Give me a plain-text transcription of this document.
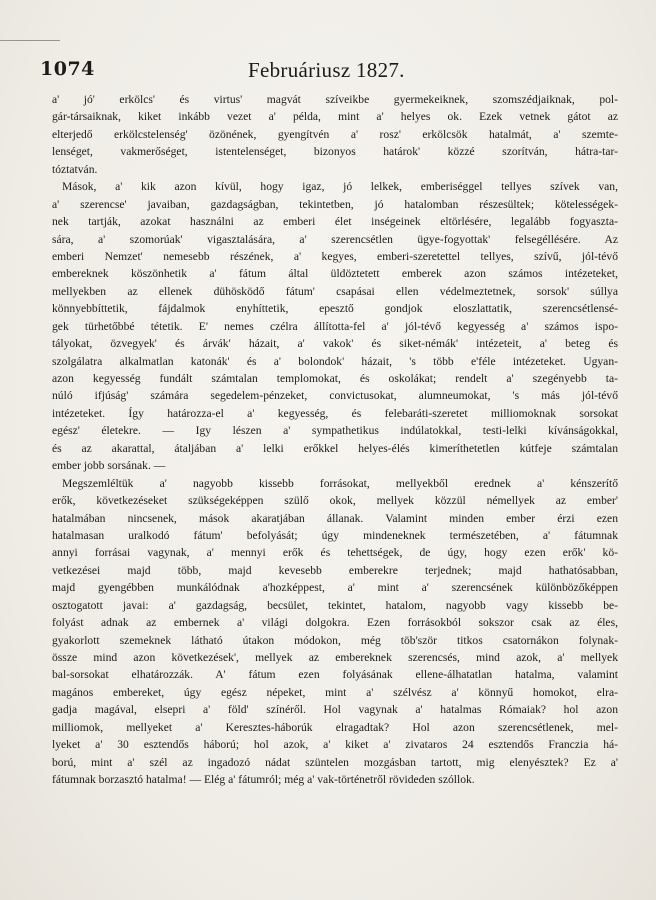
1074	Februáriusz 1827.
a' jó' erkölcs' és virtus' magvát szíveikbe gyermekeiknek, szomszédjaiknak, pol-
gár-társaiknak, kiket inkább vezet a' példa, mint a' helyes ok. Ezek vetnek gátot az
elterjedő erkölcstelenség' özönének, gyengítvén a' rosz' erkölcsök hatalmát, a' szemte-
lenséget, vakmerőséget, istentelenséget, bizonyos határok' közzé szorítván, hátra-tar-
tóztatván.
Mások, a' kik azon kívül, hogy igaz, jó lelkek, emberiséggel tellyes szívek van,
a' szerencse' javaiban, gazdagságban, tekintetben, jó hatalomban részesültek; kötelességek-
nek tartják, azokat használni az emberi élet inségeinek eltörlésére, legalább fogyaszta-
sára, a' szomorúak' vigasztalására, a' szerencsétlen ügye-fogyottak' felsegéllésére. Az
emberi Nemzet' nemesebb részének, a' kegyes, emberi-szeretettel tellyes, szívű, jól-tévő
embereknek köszönhetik a' fátum által üldöztetett emberek azon számos intézeteket,
mellyekben az ellenek dühösködő fátum' csapásai ellen védelmeztetnek, sorsok' súllya
könnyebbíttetik, fájdalmok enyhíttetik, epesztő gondjok eloszlattatik, szerencsétlensé-
gek türhetőbbé tétetik. E' nemes czélra állította-fel a' jól-tévő kegyesség a' számos ispo-
tályokat, özvegyek' és árvák' házait, a' vakok' és siket-némák' intézeteit, a' beteg és
szolgálatra alkalmatlan katonák' és a' bolondok' házait, 's több e'féle intézeteket. Ugyan-
azon kegyesség fundált számtalan templomokat, és oskolákat; rendelt a' szegényebb ta-
núló ifjúság' számára segedelem-pénzeket, convictusokat, alumneumokat, 's más jól-tévő
intézeteket. Így határozza-el a' kegyesség, és felebaráti-szeretet milliomoknak sorsokat
egész' életekre. — Igy lészen a' sympathetikus indúlatokkal, testi-lelki kívánságokkal,
és az akarattal, átaljában a' lelki erőkkel helyes-élés kimeríthetetlen kútfeje számtalan
ember jobb sorsának. —
Megszemléltük a' nagyobb kissebb forrásokat, mellyekből erednek a' kénszerítő
erők, következéseket szükségeképpen szülő okok, mellyek közzül némellyek az ember'
hatalmában nincsenek, mások akaratjában állanak. Valamint minden ember érzi ezen
hatalmasan uralkodó fátum' befolyását; úgy mindeneknek természetében, a' fátumnak
annyi forrásai vagynak, a' mennyi erők és tehettségek, de úgy, hogy ezen erők' kö-
vetkezései majd több, majd kevesebb emberekre terjednek; majd hathatósabban,
majd gyengébben munkálódnak a'hozképpest, a' mint a' szerencsének különbözőképpen
osztogatott javai: a' gazdagság, becsület, tekintet, hatalom, nagyobb vagy kissebb be-
folyást adnak az embernek a' világi dolgokra. Ezen forrásokból sokszor csak az éles,
gyakorlott szemeknek látható útakon módokon, még töb'ször titkos csatornákon folynak-
össze mind azon következések', mellyek az embereknek szerencsés, mind azok, a' mellyek
bal-sorsokat elhatározzák. A' fátum ezen folyásának ellene-álhatatlan hatalma, valamint
magános embereket, úgy egész népeket, mint a' szélvész a' könnyű homokot, elra-
gadja magával, elsepri a' föld' színéről. Hol vagynak a' hatalmas Rómaiak? hol azon
milliomok, mellyeket a' Keresztes-háborúk elragadtak? Hol azon szerencsétlenek, mel-
lyeket a' 30 esztendős háború; hol azok, a' kiket a' zivataros 24 esztendős Franczia há-
ború, mint a' szél az ingadozó nádat szüntelen mozgásban tartott, mig elenyésztek? Ez a'
fátumnak borzasztó hatalma! — Elég a' fátumról; még a' vak-történetről rövideden szóllok.
